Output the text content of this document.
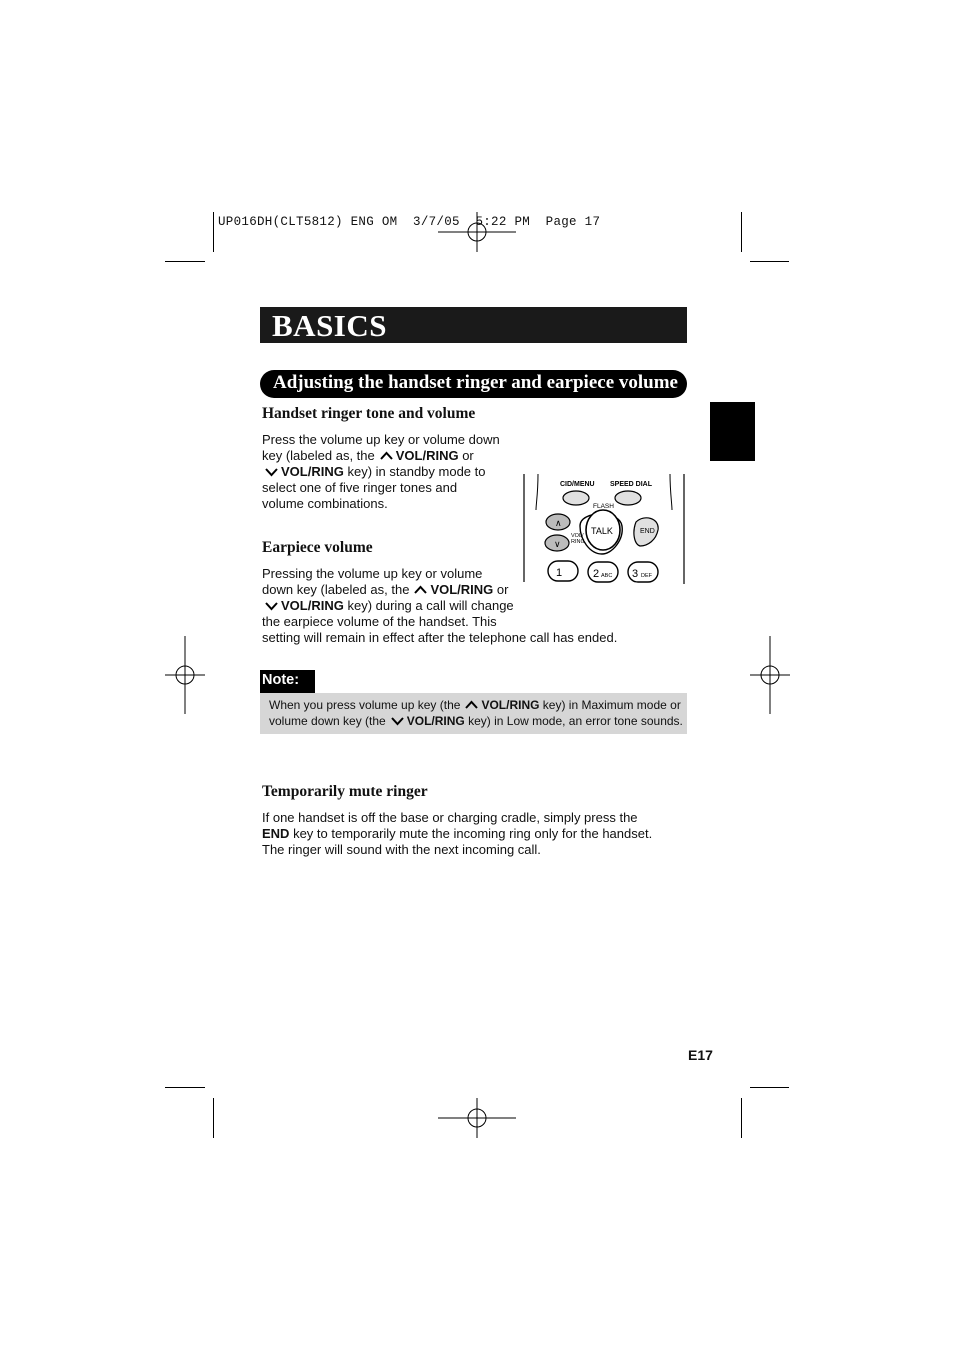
UP016DH(CLT5812) ENG OM  3/7/05  5:22 PM  Page 17
BASICS
Adjusting the handset ringer and earpiece volume
Handset ringer tone and volume
Press the volume up key or volume down
key (labeled as, the VOL/RING or
VOL/RING key) in standby mode to
select one of five ringer tones and
volume combinations.
CID/MENU SPEED DIAL
FLASH
TALK	END
∧
∨
VOL/
RING
1	2 ABC 3 DEF
Earpiece volume
Pressing the volume up key or volume
down key (labeled as, the VOL/RING or
VOL/RING key) during a call will change
the earpiece volume of the handset. This
setting will remain in effect after the telephone call has ended.
Note:

When you press volume up key (the VOL/RING key) in Maximum mode or
volume down key (the VOL/RING key) in Low mode, an error tone sounds.

Temporarily mute ringer
If one handset is off the base or charging cradle, simply press the
END key to temporarily mute the incoming ring only for the handset.
The ringer will sound with the next incoming call.
E17
